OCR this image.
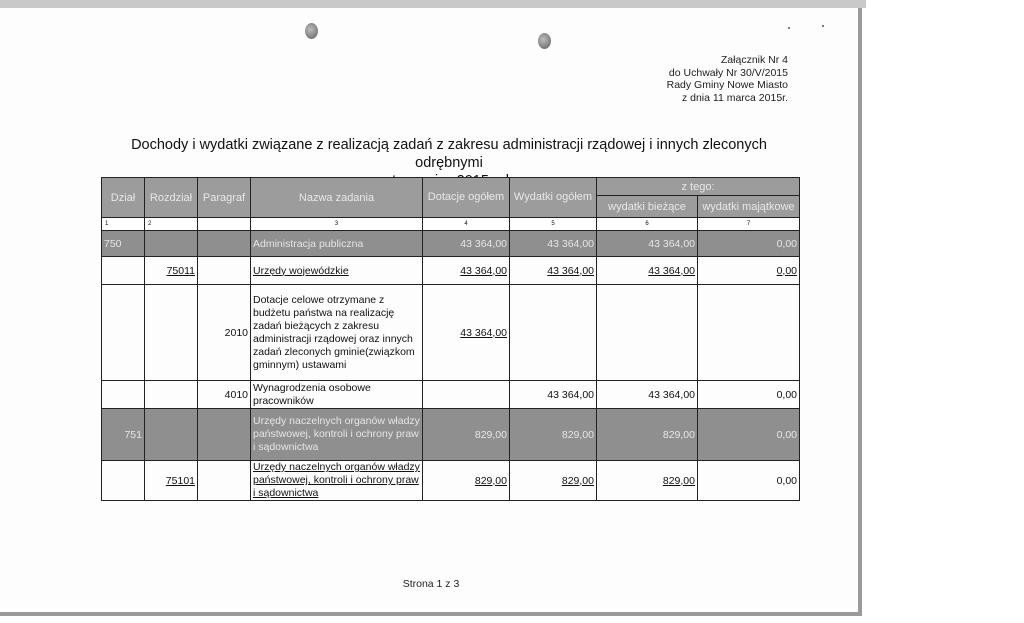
Załącznik Nr 4
do Uchwały Nr 30/V/2015
Rady Gminy Nowe Miasto
z dnia 11 marca 2015r.
Dochody i wydatki związane z realizacją zadań z zakresu administracji rządowej i innych zleconych odrębnymi
Dział	Rozdział	Paragraf	Nazwa zadania	Dotacje ogółem	Wydatki ogółem	z tego:	
						wydatki bieżące	wydatki majątkowe
1	2		3	4	5	6	7
750			Administracja publiczna	43 364,00	43 364,00	43 364,00	0,00
	75011		Urzędy wojewódzkie	43 364,00	43 364,00	43 364,00	0,00
		2010	Dotacje celowe otrzymane z budżetu państwa na realizację zadań bieżących z zakresu administracji rządowej oraz innych zadań zleconych gminie(związkom gminnym) ustawami	43 364,00			
		4010	Wynagrodzenia osobowe pracowników		43 364,00	43 364,00	0,00
751			Urzędy naczelnych organów władzy państwowej, kontroli i ochrony praw i sądownictwa	829,00	829,00	829,00	0,00
	75101		Urzędy naczelnych organów władzy państwowej, kontroli i ochrony praw i sądownictwa	829,00	829,00	829,00	0,00
Strona 1 z 3
